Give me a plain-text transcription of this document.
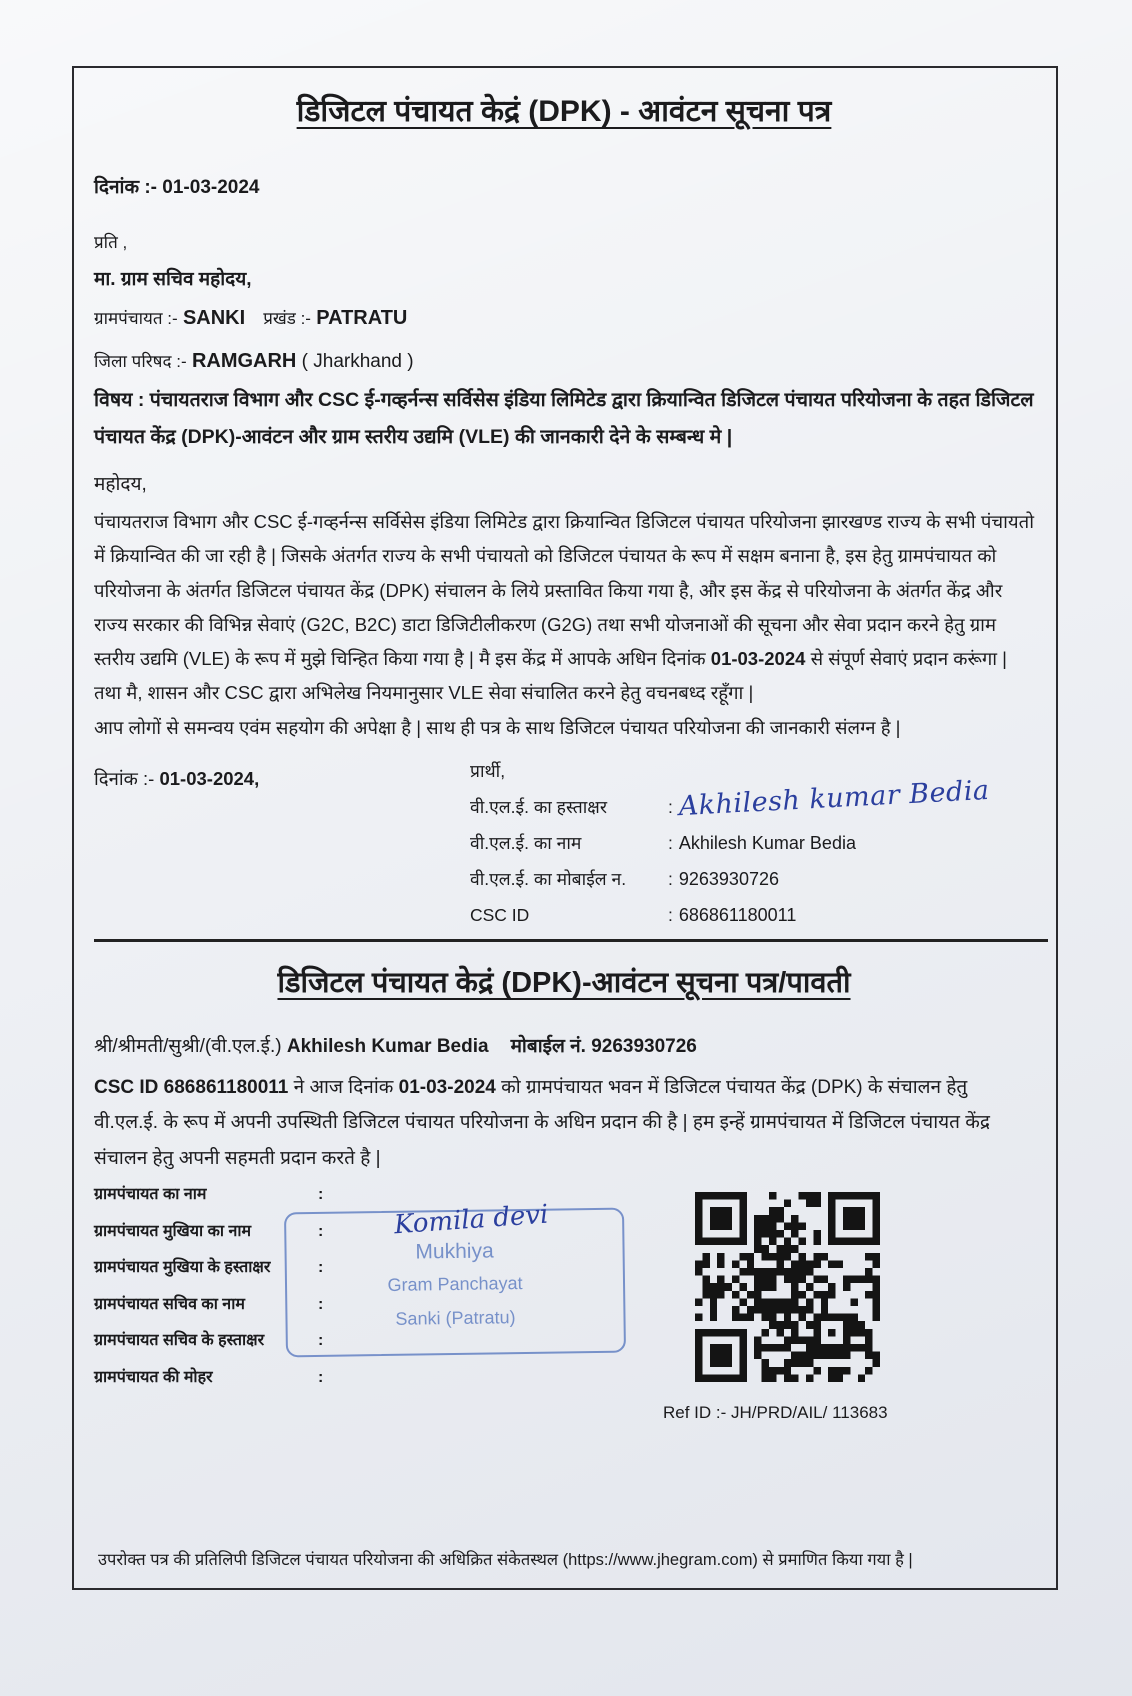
डिजिटल पंचायत केद्रं (DPK) - आवंटन सूचना पत्र
दिनांक :- 01-03-2024
प्रति ,
मा. ग्राम सचिव महोदय,
ग्रामपंचायत :- SANKI प्रखंड :- PATRATU
जिला परिषद :- RAMGARH ( Jharkhand )
विषय : पंचायतराज विभाग और CSC ई-गव्हर्नन्स सर्विसेस इंडिया लिमिटेड द्वारा क्रियान्वित डिजिटल पंचायत परियोजना के तहत डिजिटल पंचायत केंद्र (DPK)-आवंटन और ग्राम स्तरीय उद्यमि (VLE) की जानकारी देने के सम्बन्ध मे |
महोदय,
पंचायतराज विभाग और CSC ई-गव्हर्नन्स सर्विसेस इंडिया लिमिटेड द्वारा क्रियान्वित डिजिटल पंचायत परियोजना झारखण्ड राज्य के सभी पंचायतो में क्रियान्वित की जा रही है | जिसके अंतर्गत राज्य के सभी पंचायतो को डिजिटल पंचायत के रूप में सक्षम बनाना है, इस हेतु ग्रामपंचायत को परियोजना के अंतर्गत डिजिटल पंचायत केंद्र (DPK) संचालन के लिये प्रस्तावित किया गया है, और इस केंद्र से परियोजना के अंतर्गत केंद्र और राज्य सरकार की विभिन्न सेवाएं (G2C, B2C) डाटा डिजिटीलीकरण (G2G) तथा सभी योजनाओं की सूचना और सेवा प्रदान करने हेतु ग्राम स्तरीय उद्यमि (VLE) के रूप में मुझे चिन्हित किया गया है | मै इस केंद्र में आपके अधिन दिनांक 01-03-2024 से संपूर्ण सेवाएं प्रदान करूंगा | तथा मै, शासन और CSC द्वारा अभिलेख नियमानुसार VLE सेवा संचालित करने हेतु वचनबध्द रहूँगा |
आप लोगों से समन्वय एवंम सहयोग की अपेक्षा है | साथ ही पत्र के साथ डिजिटल पंचायत परियोजना की जानकारी संलग्न है |
दिनांक :- 01-03-2024,	प्रार्थी,
वी.एल.ई. का हस्ताक्षर	: Akhilesh kumar Bedia
वी.एल.ई. का नाम	: Akhilesh Kumar Bedia
वी.एल.ई. का मोबाईल न.	: 9263930726
CSC ID	: 686861180011
डिजिटल पंचायत केद्रं (DPK)-आवंटन सूचना पत्र/पावती
श्री/श्रीमती/सुश्री/(वी.एल.ई.) Akhilesh Kumar Bedia मोबाईल नं. 9263930726
CSC ID 686861180011 ने आज दिनांक 01-03-2024 को ग्रामपंचायत भवन में डिजिटल पंचायत केंद्र (DPK) के संचालन हेतु वी.एल.ई. के रूप में अपनी उपस्थिती डिजिटल पंचायत परियोजना के अधिन प्रदान की है | हम इन्हें ग्रामपंचायत में डिजिटल पंचायत केंद्र संचालन हेतु अपनी सहमती प्रदान करते है |
ग्रामपंचायत का नाम	:
ग्रामपंचायत मुखिया का नाम	:
ग्रामपंचायत मुखिया के हस्ताक्षर	:
ग्रामपंचायत सचिव का नाम	:
ग्रामपंचायत सचिव के हस्ताक्षर	:
ग्रामपंचायत की मोहर	:
Mukhiya
Gram Panchayat
Sanki (Patratu)
Komila devi
Ref ID :- JH/PRD/AIL/ 113683
उपरोक्त पत्र की प्रतिलिपी डिजिटल पंचायत परियोजना की अधिक्रित संकेतस्थल (https://www.jhegram.com) से प्रमाणित किया गया है |
